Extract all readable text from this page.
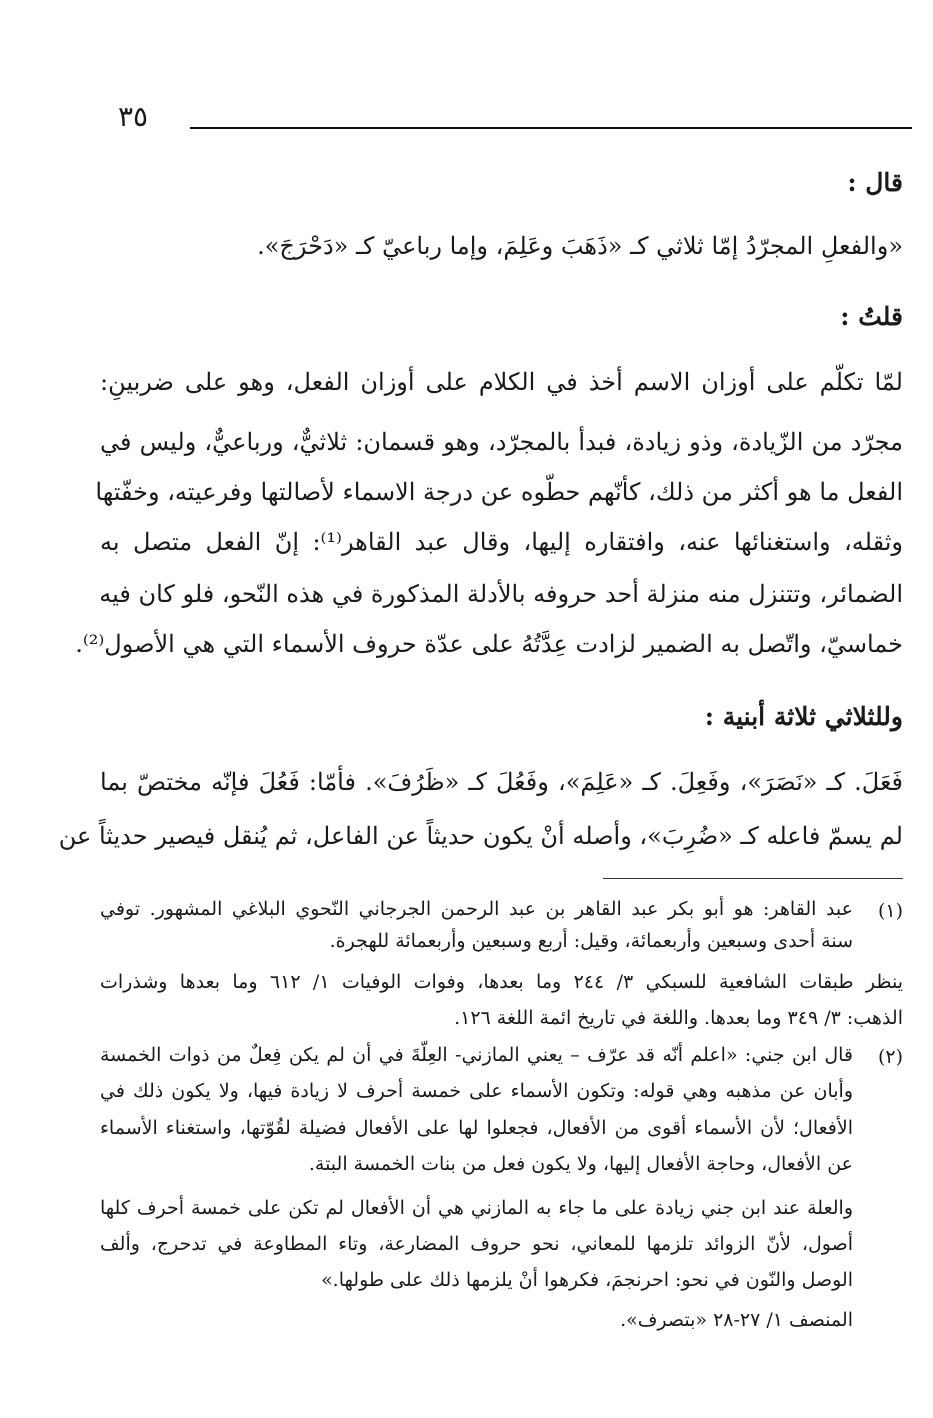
٣٥
قال :
«والفعلِ المجرّدُ إمّا ثلاثي كـ «ذَهَبَ وعَلِمَ، وإما رباعيّ كـ «دَحْرَجَ».
قلتُ :
لمّا تكلّم على أوزان الاسم أخذ في الكلام على أوزان الفعل، وهو على ضربينِ:
مجرّد من الزّيادة، وذو زيادة، فبدأ بالمجرّد، وهو قسمان: ثلاثيٌّ، ورباعيٌّ، وليس في
الفعل ما هو أكثر من ذلك، كأنّهم حطّوه عن درجة الاسماء لأصالتها وفرعيته، وخفّتها
وثقله، واستغنائها عنه، وافتقاره إليها، وقال عبد القاهر⁽¹⁾: إنّ الفعل متصل به
الضمائر، وتتنزل منه منزلة أحد حروفه بالأدلة المذكورة في هذه النّحو، فلو كان فيه
خماسيّ، واتّصل به الضمير لزادت عِدَّتُهُ على عدّة حروف الأسماء التي هي الأصول⁽²⁾.
وللثلاثي ثلاثة أبنية :
فَعَلَ. كـ «نَصَرَ»، وفَعِلَ. كـ «عَلِمَ»، وفَعُلَ كـ «ظَرُفَ». فأمّا: فَعُلَ فإنّه مختصّ بما
لم يسمّ فاعله كـ «ضُرِبَ»، وأصله أنْ يكون حديثاً عن الفاعل، ثم يُنقل فيصير حديثاً عن
(١)
عبد القاهر: هو أبو بكر عبد القاهر بن عبد الرحمن الجرجاني النّحوي البلاغي المشهور. توفي
سنة أحدى وسبعين وأربعمائة، وقيل: أربع وسبعين وأربعمائة للهجرة.
ينظر طبقات الشافعية للسبكي ٣/ ٢٤٤ وما بعدها، وفوات الوفيات ١/ ٦١٢ وما بعدها وشذرات
الذهب: ٣/ ٣٤٩ وما بعدها. واللغة في تاريخ ائمة اللغة ١٢٦.
(٢)
قال ابن جني: «اعلم أنّه قد عرّف – يعني المازني- العِلّةَ في أن لم يكن فِعلٌ من ذوات الخمسة
وأبان عن مذهبه وهي قوله: وتكون الأسماء على خمسة أحرف لا زيادة فيها، ولا يكون ذلك في
الأفعال؛ لأن الأسماء أقوى من الأفعال، فجعلوا لها على الأفعال فضيلة لقُوّتها، واستغناء الأسماء
عن الأفعال، وحاجة الأفعال إليها، ولا يكون فعل من بنات الخمسة البتة.
والعلة عند ابن جني زيادة على ما جاء به المازني هي أن الأفعال لم تكن على خمسة أحرف كلها
أصول، لأنّ الزوائد تلزمها للمعاني، نحو حروف المضارعة، وتاء المطاوعة في تدحرج، وألف
الوصل والنّون في نحو: احرنجمَ، فكرهوا أنْ يلزمها ذلك على طولها.»
المنصف ١/ ٢٧-٢٨ «بتصرف».
